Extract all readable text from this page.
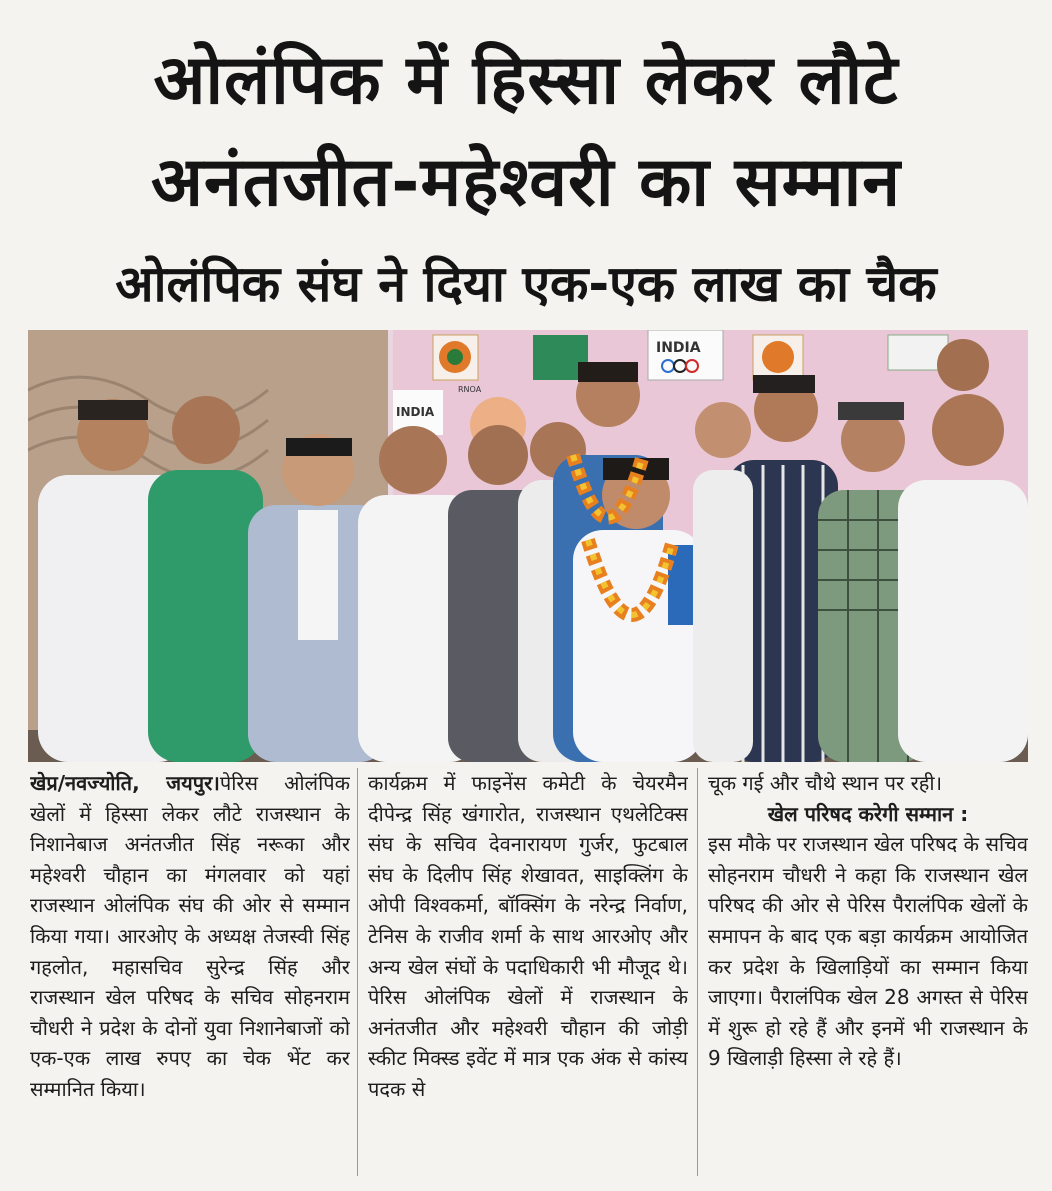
ओलंपिक में हिस्सा लेकर लौटे
अनंतजीत-महेश्वरी का सम्मान
ओलंपिक संघ ने दिया एक-एक लाख का चैक
INDIA
INDIA
RNOA

खेप्र/नवज्योति, जयपुर।पेरिस ओलंपिक खेलों में हिस्सा लेकर लौटे राजस्थान के निशानेबाज अनंतजीत सिंह नरूका और महेश्वरी चौहान का मंगलवार को यहां राजस्थान ओलंपिक संघ की ओर से सम्मान किया गया। आरओए के अध्यक्ष तेजस्वी सिंह गहलोत, महासचिव सुरेन्द्र सिंह और राजस्थान खेल परिषद के सचिव सोहनराम चौधरी ने प्रदेश के दोनों युवा निशानेबाजों को एक-एक लाख रुपए का चेक भेंट कर सम्मानित किया।

कार्यक्रम में फाइनेंस कमेटी के चेयरमैन दीपेन्द्र सिंह खंगारोत, राजस्थान एथलेटिक्स संघ के सचिव देवनारायण गुर्जर, फुटबाल संघ के दिलीप सिंह शेखावत, साइक्लिंग के ओपी विश्वकर्मा, बॉक्सिंग के नरेन्द्र निर्वाण, टेनिस के राजीव शर्मा के साथ आरओए और अन्य खेल संघों के पदाधिकारी भी मौजूद थे। पेरिस ओलंपिक खेलों में राजस्थान के अनंतजीत और महेश्वरी चौहान की जोड़ी स्कीट मिक्स्ड इवेंट में मात्र एक अंक से कांस्य पदक से

चूक गई और चौथे स्थान पर रही।

खेल परिषद करेगी सम्मान :

इस मौके पर राजस्थान खेल परिषद के सचिव सोहनराम चौधरी ने कहा कि राजस्थान खेल परिषद की ओर से पेरिस पैरालंपिक खेलों के समापन के बाद एक बड़ा कार्यक्रम आयोजित कर प्रदेश के खिलाड़ियों का सम्मान किया जाएगा। पैरालंपिक खेल 28 अगस्त से पेरिस में शुरू हो रहे हैं और इनमें भी राजस्थान के 9 खिलाड़ी हिस्सा ले रहे हैं।
